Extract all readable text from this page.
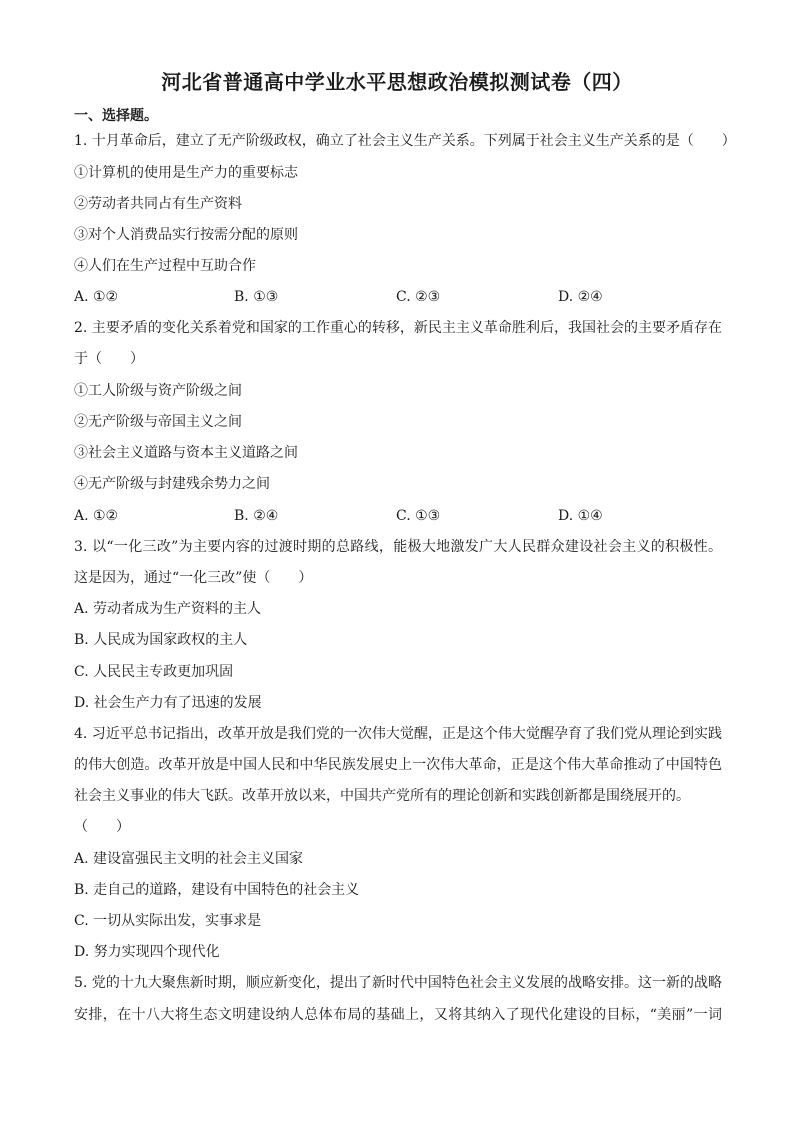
河北省普通高中学业水平思想政治模拟测试卷（四）
一、选择题。
1. 十月革命后，建立了无产阶级政权，确立了社会主义生产关系。下列属于社会主义生产关系的是（　　）
①计算机的使用是生产力的重要标志
②劳动者共同占有生产资料
③对个人消费品实行按需分配的原则
④人们在生产过程中互助合作
A. ①②	B. ①③	C. ②③	D. ②④
2. 主要矛盾的变化关系着党和国家的工作重心的转移，新民主主义革命胜利后，我国社会的主要矛盾存在
于（　　）
①工人阶级与资产阶级之间
②无产阶级与帝国主义之间
③社会主义道路与资本主义道路之间
④无产阶级与封建残余势力之间
A. ①②	B. ②④	C. ①③	D. ①④
3. 以“一化三改”为主要内容的过渡时期的总路线，能极大地激发广大人民群众建设社会主义的积极性。
这是因为，通过“一化三改”使（　　）
A. 劳动者成为生产资料的主人
B. 人民成为国家政权的主人
C. 人民民主专政更加巩固
D. 社会生产力有了迅速的发展
4. 习近平总书记指出，改革开放是我们党的一次伟大觉醒，正是这个伟大觉醒孕育了我们党从理论到实践
的伟大创造。改革开放是中国人民和中华民族发展史上一次伟大革命，正是这个伟大革命推动了中国特色
社会主义事业的伟大飞跃。改革开放以来，中国共产党所有的理论创新和实践创新都是围绕展开的。
（　　）
A. 建设富强民主文明的社会主义国家
B. 走自己的道路，建设有中国特色的社会主义
C. 一切从实际出发，实事求是
D. 努力实现四个现代化
5. 党的十九大聚焦新时期，顺应新变化，提出了新时代中国特色社会主义发展的战略安排。这一新的战略
安排，在十八大将生态文明建设纳人总体布局的基础上，又将其纳入了现代化建设的目标，“美丽”一词
